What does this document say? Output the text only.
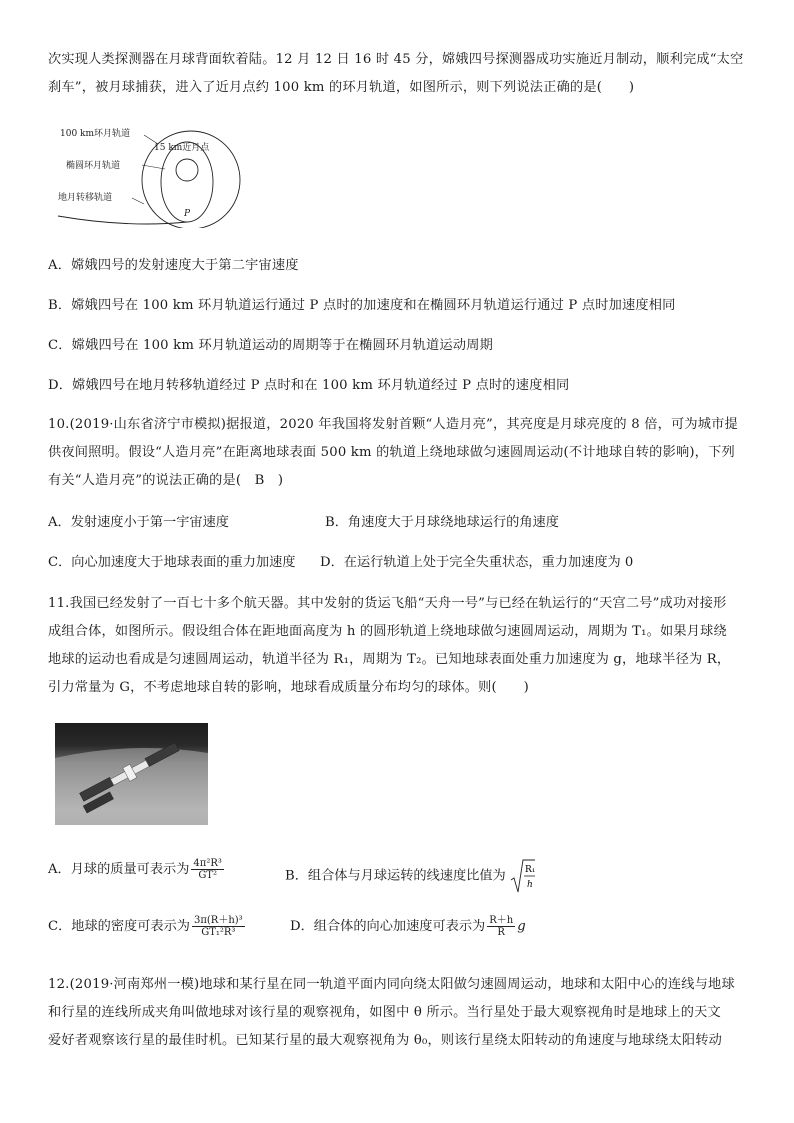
次实现人类探测器在月球背面软着陆。12 月 12 日 16 时 45 分，嫦娥四号探测器成功实施近月制动，顺利完成“太空
刹车”，被月球捕获，进入了近月点约 100 km 的环月轨道，如图所示，则下列说法正确的是(　　)
100 km环月轨道
15 km近月点
椭圆环月轨道
地月转移轨道
P
A．嫦娥四号的发射速度大于第二宇宙速度
B．嫦娥四号在 100 km 环月轨道运行通过 P 点时的加速度和在椭圆环月轨道运行通过 P 点时加速度相同
C．嫦娥四号在 100 km 环月轨道运动的周期等于在椭圆环月轨道运动周期
D．嫦娥四号在地月转移轨道经过 P 点时和在 100 km 环月轨道经过 P 点时的速度相同
10.(2019·山东省济宁市模拟)据报道，2020 年我国将发射首颗“人造月亮”，其亮度是月球亮度的 8 倍，可为城市提
供夜间照明。假设“人造月亮”在距离地球表面 500 km 的轨道上绕地球做匀速圆周运动(不计地球自转的影响)，下列
有关“人造月亮”的说法正确的是(　B　)
A．发射速度小于第一宇宙速度	B．角速度大于月球绕地球运行的角速度
C．向心加速度大于地球表面的重力加速度 D．在运行轨道上处于完全失重状态，重力加速度为 0
11.我国已经发射了一百七十多个航天器。其中发射的货运飞船“天舟一号”与已经在轨运行的“天宫二号”成功对接形
成组合体，如图所示。假设组合体在距地面高度为 h 的圆形轨道上绕地球做匀速圆周运动，周期为 T₁。如果月球绕
地球的运动也看成是匀速圆周运动，轨道半径为 R₁，周期为 T₂。已知地球表面处重力加速度为 g，地球半径为 R，
引力常量为 G，不考虑地球自转的影响，地球看成质量分布均匀的球体。则(　　)
A．月球的质量可表示为 $\frac{\text{4π²R³}}{\text{GT²}}$	B．组合体与月球运转的线速度比值为 R₁
h
C．地球的密度可表示为 $\frac{\text{3π(R＋h)³}}{\text{GT₁²R³}}$	D．组合体的向心加速度可表示为 $\frac{R+h}{R}$ g
12.(2019·河南郑州一模)地球和某行星在同一轨道平面内同向绕太阳做匀速圆周运动，地球和太阳中心的连线与地球
和行星的连线所成夹角叫做地球对该行星的观察视角，如图中 θ 所示。当行星处于最大观察视角时是地球上的天文
爱好者观察该行星的最佳时机。已知某行星的最大观察视角为 θ₀，则该行星绕太阳转动的角速度与地球绕太阳转动
